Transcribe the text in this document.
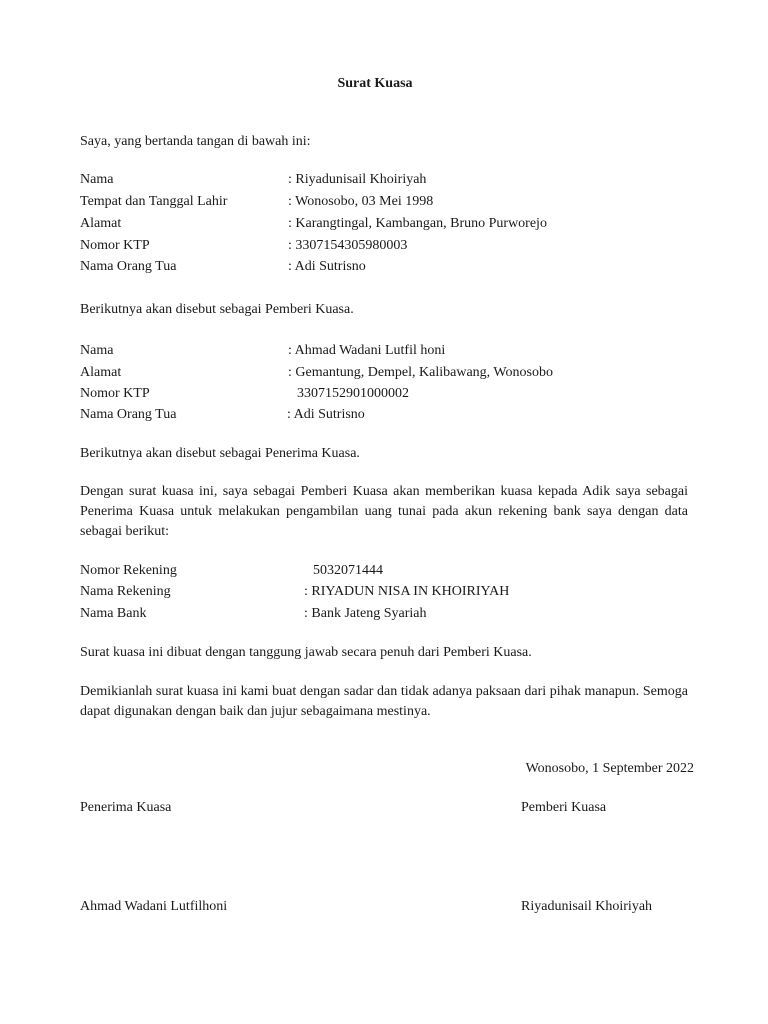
Surat Kuasa
Saya, yang bertanda tangan di bawah ini:
Nama	: Riyadunisail Khoiriyah
Tempat dan Tanggal Lahir	: Wonosobo, 03 Mei 1998
Alamat	: Karangtingal, Kambangan, Bruno Purworejo
Nomor KTP	: 3307154305980003
Nama Orang Tua	: Adi Sutrisno
Berikutnya akan disebut sebagai Pemberi Kuasa.
Nama	: Ahmad Wadani Lutfil honi
Alamat	: Gemantung, Dempel, Kalibawang, Wonosobo
Nomor KTP	3307152901000002
Nama Orang Tua	: Adi Sutrisno
Berikutnya akan disebut sebagai Penerima Kuasa.
Dengan surat kuasa ini, saya sebagai Pemberi Kuasa akan memberikan kuasa kepada Adik saya sebagai Penerima Kuasa untuk melakukan pengambilan uang tunai pada akun rekening bank saya dengan data sebagai berikut:
Nomor Rekening	5032071444
Nama Rekening	: RIYADUN NISA IN KHOIRIYAH
Nama Bank	: Bank Jateng Syariah
Surat kuasa ini dibuat dengan tanggung jawab secara penuh dari Pemberi Kuasa.
Demikianlah surat kuasa ini kami buat dengan sadar dan tidak adanya paksaan dari pihak manapun. Semoga dapat digunakan dengan baik dan jujur sebagaimana mestinya.
Wonosobo, 1 September 2022
Penerima Kuasa	Pemberi Kuasa
Ahmad Wadani Lutfilhoni	Riyadunisail Khoiriyah
